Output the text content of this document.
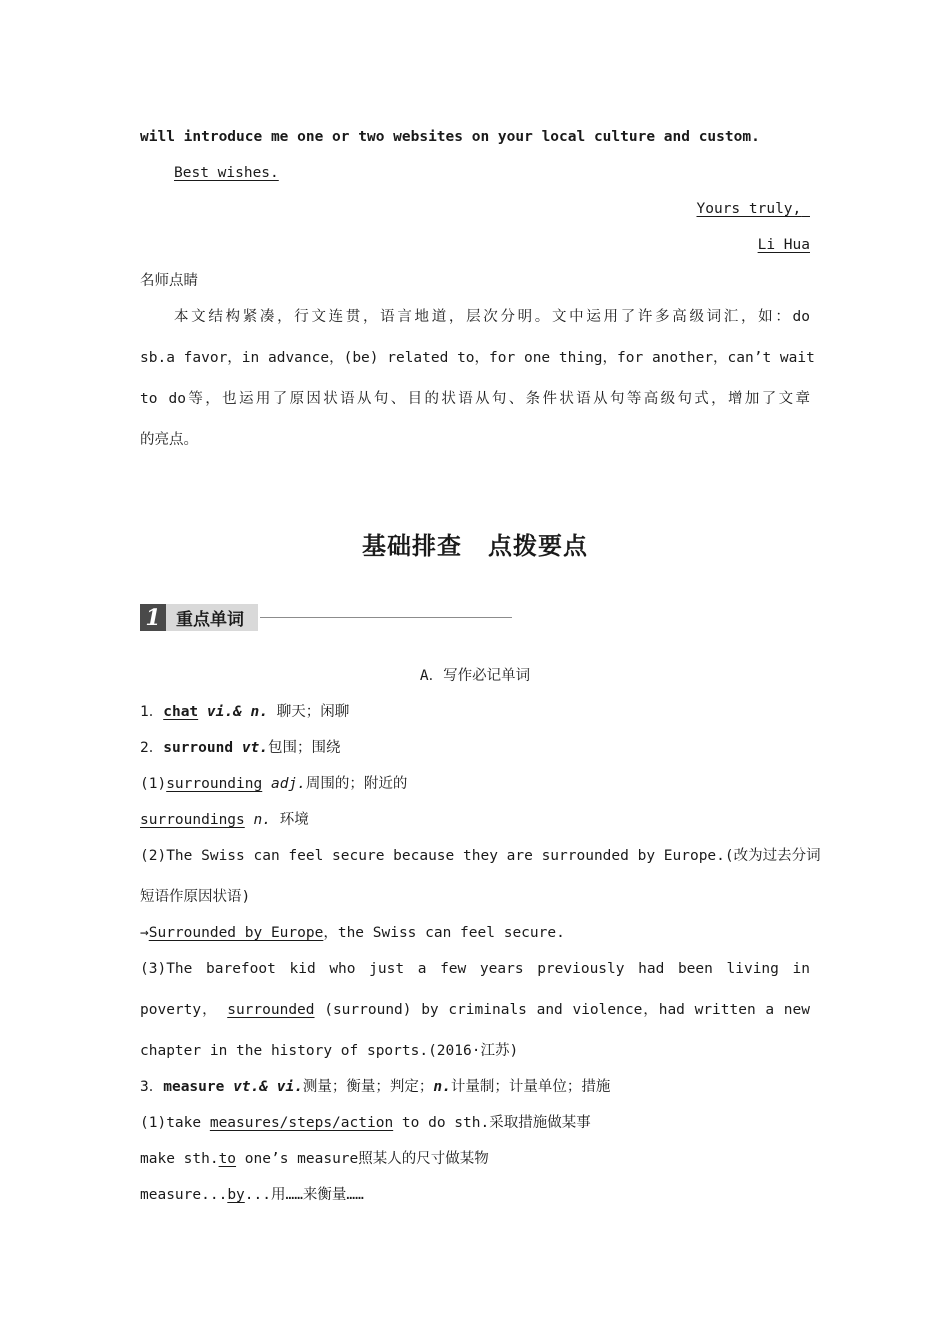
will introduce me one or two websites on your local culture and custom.
Best wishes.
Yours truly,
Li Hua
名师点睛
本文结构紧凑，行文连贯，语言地道，层次分明。文中运用了许多高级词汇，如：do
sb.a favor，in advance，(be) related to，for one thing，for another，can’t wait
to do等，也运用了原因状语从句、目的状语从句、条件状语从句等高级句式，增加了文章
的亮点。
基础排查 点拨要点
1 重点单词
A．写作必记单词
1．chat vi.& n. 聊天；闲聊
2．surround vt.包围；围绕
(1)surrounding adj.周围的；附近的
surroundings n. 环境
(2)The Swiss can feel secure because they are surrounded by Europe.(改为过去分词
短语作原因状语)
→Surrounded by Europe，the Swiss can feel secure.
(3)The barefoot kid who just a few years previously had been living in
poverty， surrounded (surround) by criminals and violence，had written a new
chapter in the history of sports.(2016·江苏)
3．measure vt.& vi.测量；衡量；判定；n.计量制；计量单位；措施
(1)take measures/steps/action to do sth.采取措施做某事
make sth.to one’s measure照某人的尺寸做某物
measure...by...用……来衡量……
